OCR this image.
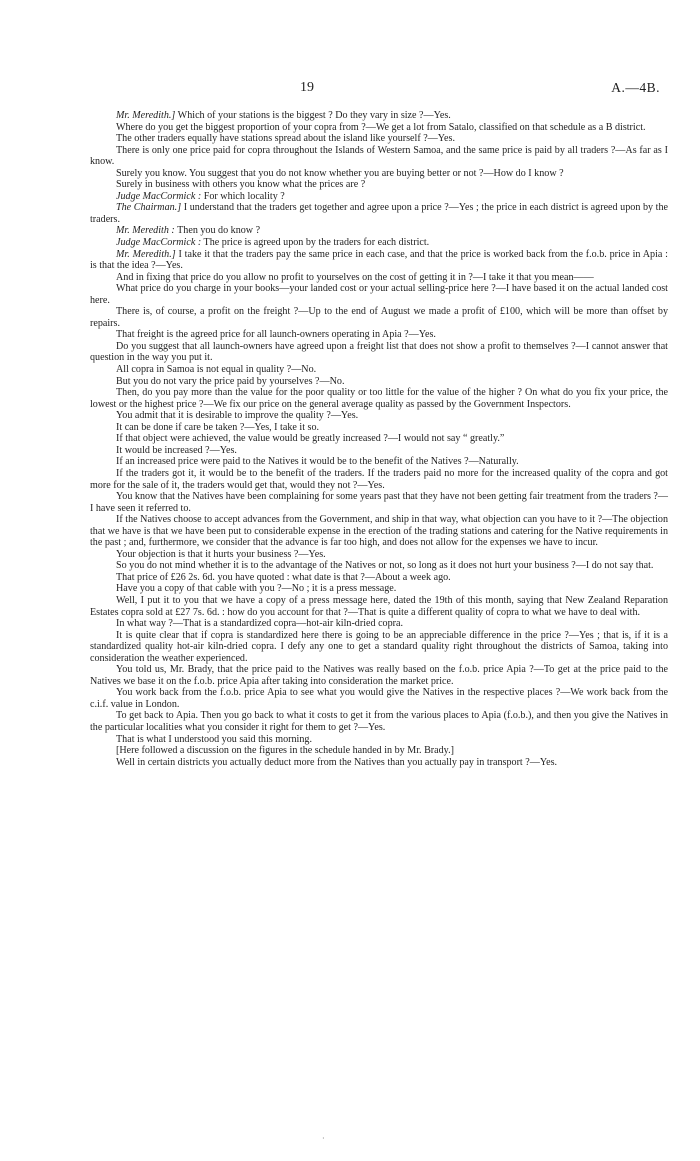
19	A.—4B.

Mr. Meredith.] Which of your stations is the biggest ? Do they vary in size ?—Yes.

Where do you get the biggest proportion of your copra from ?—We get a lot from Satalo, classified on that schedule as a B district.

The other traders equally have stations spread about the island like yourself ?—Yes.

There is only one price paid for copra throughout the Islands of Western Samoa, and the same price is paid by all traders ?—As far as I know.

Surely you know. You suggest that you do not know whether you are buying better or not ?—How do I know ?

Surely in business with others you know what the prices are ?

Judge MacCormick : For which locality ?

The Chairman.] I understand that the traders get together and agree upon a price ?—Yes ; the price in each district is agreed upon by the traders.

Mr. Meredith : Then you do know ?

Judge MacCormick : The price is agreed upon by the traders for each district.

Mr. Meredith.] I take it that the traders pay the same price in each case, and that the price is worked back from the f.o.b. price in Apia : is that the idea ?—Yes.

And in fixing that price do you allow no profit to yourselves on the cost of getting it in ?—I take it that you mean——

What price do you charge in your books—your landed cost or your actual selling-price here ?—I have based it on the actual landed cost here.

There is, of course, a profit on the freight ?—Up to the end of August we made a profit of £100, which will be more than offset by repairs.

That freight is the agreed price for all launch-owners operating in Apia ?—Yes.

Do you suggest that all launch-owners have agreed upon a freight list that does not show a profit to themselves ?—I cannot answer that question in the way you put it.

All copra in Samoa is not equal in quality ?—No.

But you do not vary the price paid by yourselves ?—No.

Then, do you pay more than the value for the poor quality or too little for the value of the higher ? On what do you fix your price, the lowest or the highest price ?—We fix our price on the general average quality as passed by the Government Inspectors.

You admit that it is desirable to improve the quality ?—Yes.

It can be done if care be taken ?—Yes, I take it so.

If that object were achieved, the value would be greatly increased ?—I would not say “ greatly.”

It would be increased ?—Yes.

If an increased price were paid to the Natives it would be to the benefit of the Natives ?—Naturally.

If the traders got it, it would be to the benefit of the traders. If the traders paid no more for the increased quality of the copra and got more for the sale of it, the traders would get that, would they not ?—Yes.

You know that the Natives have been complaining for some years past that they have not been getting fair treatment from the traders ?—I have seen it referred to.

If the Natives choose to accept advances from the Government, and ship in that way, what objection can you have to it ?—The objection that we have is that we have been put to considerable expense in the erection of the trading stations and catering for the Native requirements in the past ; and, furthermore, we consider that the advance is far too high, and does not allow for the expenses we have to incur.

Your objection is that it hurts your business ?—Yes.

So you do not mind whether it is to the advantage of the Natives or not, so long as it does not hurt your business ?—I do not say that.

That price of £26 2s. 6d. you have quoted : what date is that ?—About a week ago.

Have you a copy of that cable with you ?—No ; it is a press message.

Well, I put it to you that we have a copy of a press message here, dated the 19th of this month, saying that New Zealand Reparation Estates copra sold at £27 7s. 6d. : how do you account for that ?—That is quite a different quality of copra to what we have to deal with.

In what way ?—That is a standardized copra—hot-air kiln-dried copra.

It is quite clear that if copra is standardized here there is going to be an appreciable difference in the price ?—Yes ; that is, if it is a standardized quality hot-air kiln-dried copra. I defy any one to get a standard quality right throughout the districts of Samoa, taking into consideration the weather experienced.

You told us, Mr. Brady, that the price paid to the Natives was really based on the f.o.b. price Apia ?—To get at the price paid to the Natives we base it on the f.o.b. price Apia after taking into consideration the market price.

You work back from the f.o.b. price Apia to see what you would give the Natives in the respective places ?—We work back from the c.i.f. value in London.

To get back to Apia. Then you go back to what it costs to get it from the various places to Apia (f.o.b.), and then you give the Natives in the particular localities what you consider it right for them to get ?—Yes.

That is what I understood you said this morning.

[Here followed a discussion on the figures in the schedule handed in by Mr. Brady.]

Well in certain districts you actually deduct more from the Natives than you actually pay in transport ?—Yes.

·
